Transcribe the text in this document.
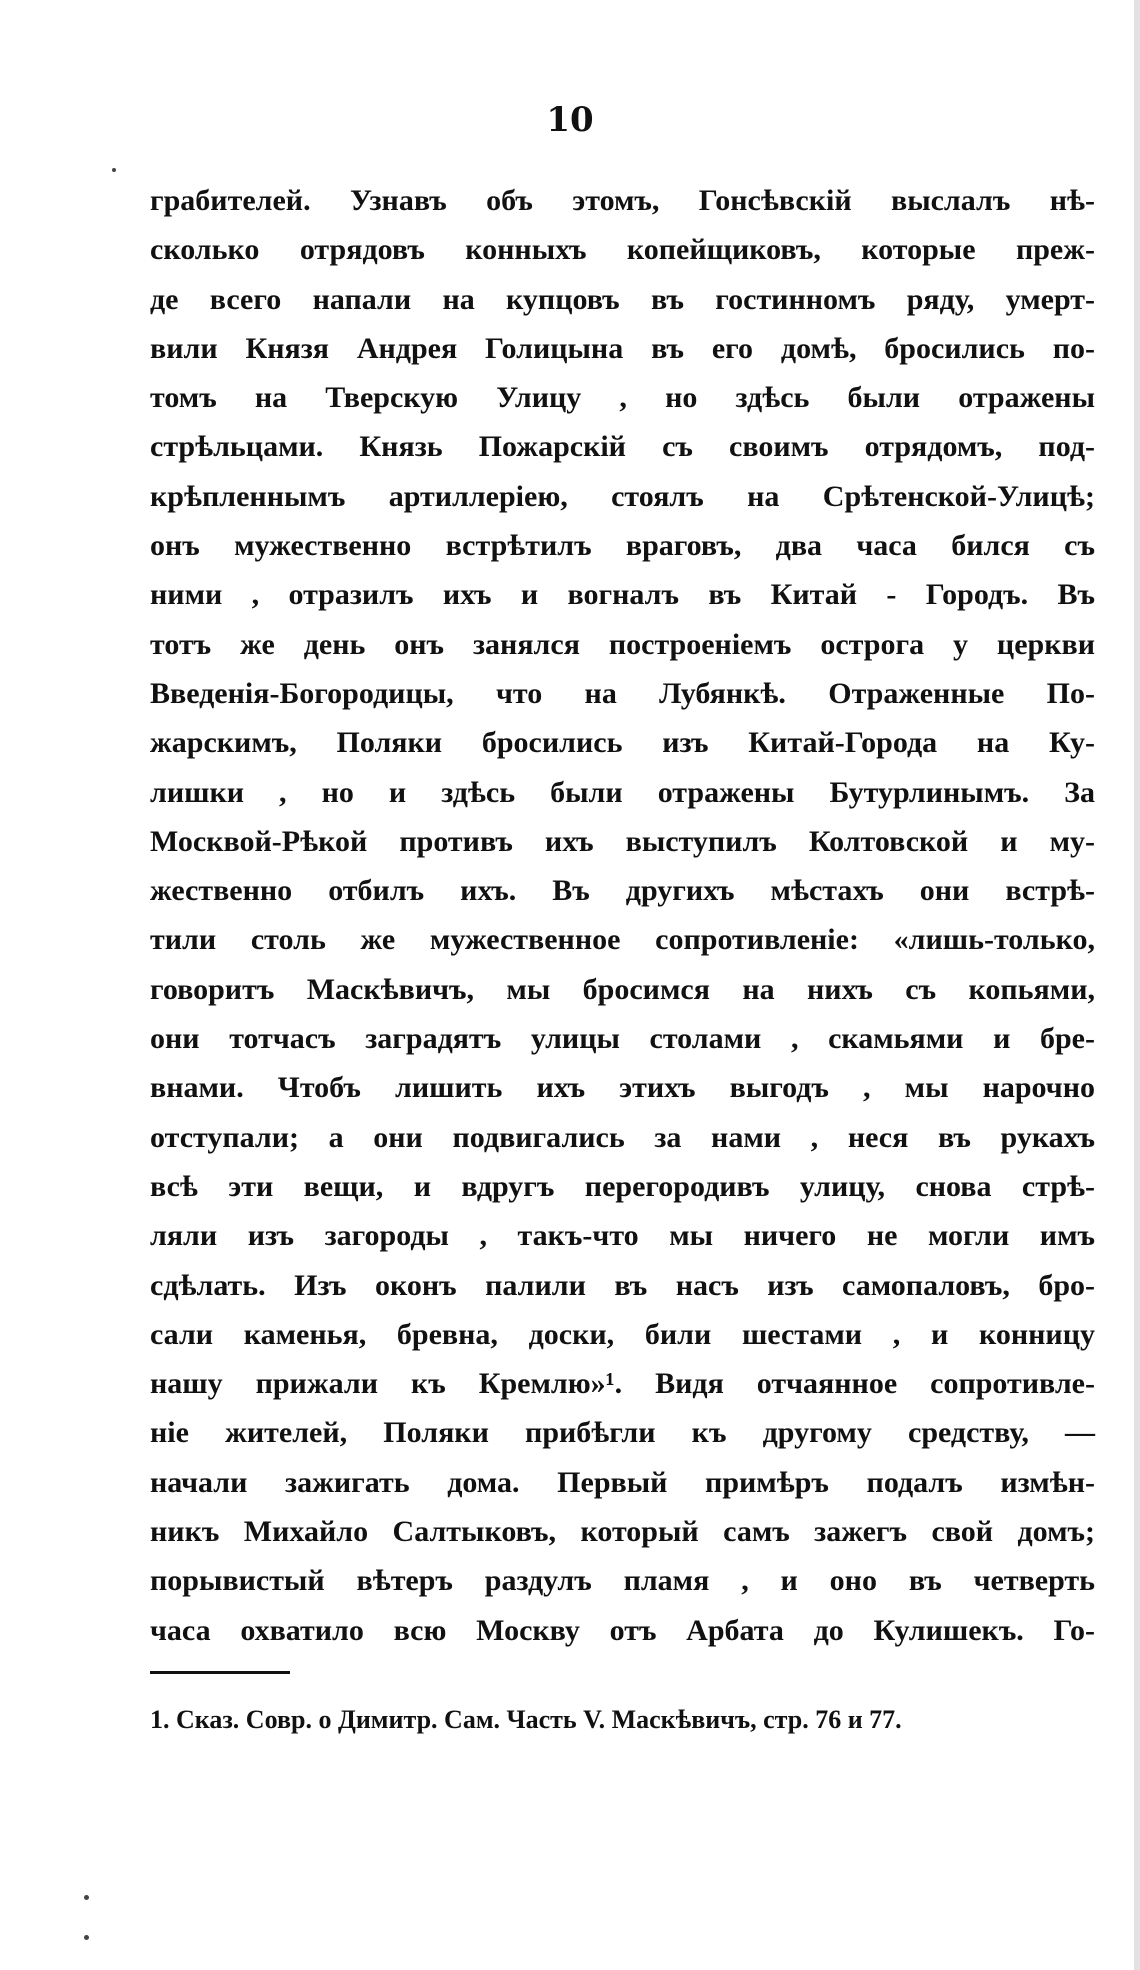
10
грабителей. Узнавъ объ этомъ, Гонсѣвскій выслалъ нѣ-
сколько отрядовъ конныхъ копейщиковъ, которые преж-
де всего напали на купцовъ въ гостинномъ ряду, умерт-
вили Князя Андрея Голицына въ его домѣ, бросились по-
томъ на Тверскую Улицу , но здѣсь были отражены
стрѣльцами. Князь Пожарскій съ своимъ отрядомъ, под-
крѣпленнымъ артиллеріею, стоялъ на Срѣтенской-Улицѣ;
онъ мужественно встрѣтилъ враговъ, два часа бился съ
ними , отразилъ ихъ и вогналъ въ Китай - Городъ. Въ
тотъ же день онъ занялся построеніемъ острога у церкви
Введенія-Богородицы, что на Лубянкѣ. Отраженные По-
жарскимъ, Поляки бросились изъ Китай-Города на Ку-
лишки , но и здѣсь были отражены Бутурлинымъ. За
Москвой-Рѣкой противъ ихъ выступилъ Колтовской и му-
жественно отбилъ ихъ. Въ другихъ мѣстахъ они встрѣ-
тили столь же мужественное сопротивленіе: «лишь-только,
говоритъ Маскѣвичъ, мы бросимся на нихъ съ копьями,
они тотчасъ заградятъ улицы столами , скамьями и бре-
внами. Чтобъ лишить ихъ этихъ выгодъ , мы нарочно
отступали; а они подвигались за нами , неся въ рукахъ
всѣ эти вещи, и вдругъ перегородивъ улицу, снова стрѣ-
ляли изъ загороды , такъ-что мы ничего не могли имъ
сдѣлать. Изъ оконъ палили въ насъ изъ самопаловъ, бро-
сали каменья, бревна, доски, били шестами , и конницу
нашу прижали къ Кремлю»¹. Видя отчаянное сопротивле-
ніе жителей, Поляки прибѣгли къ другому средству, —
начали зажигать дома. Первый примѣръ подалъ измѣн-
никъ Михайло Салтыковъ, который самъ зажегъ свой домъ;
порывистый вѣтеръ раздулъ пламя , и оно въ четверть
часа охватило всю Москву отъ Арбата до Кулишекъ. Го-
1. Сказ. Совр. о Димитр. Сам. Часть V. Маскѣвичъ, стр. 76 и 77.
